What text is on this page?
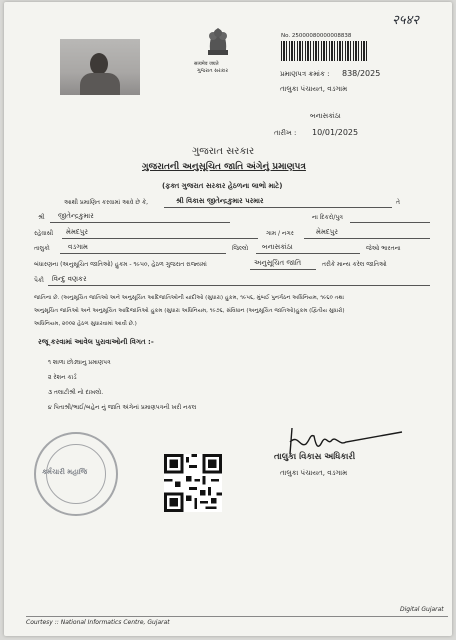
२५४२
सत्यमेव जयते
ગુજરાત સરકાર
No. 25000080000008838
પ્રમાણપત્ર ક્રમાંક : 838/2025
તાલુકા પંચાયત, વડગામ
બનાસકાંઠા
તારીખ : 10/01/2025
ગુજરાત સરકાર
ગુજરાતની અનુસૂચિત જાતિ અંગેનું પ્રમાણપત્ર
(ફક્ત ગુજરાત સરકાર હેઠળના લાભો માટે)
આથી પ્રમાણિત કરવામાં આવે છે કે,	શ્રી વિકાસ જીતેન્દ્રકુમાર પરમાર	તે
શ્રી જીતેન્દ્રકુમાર	ના દિકરો/પુત્ર
રહેવાસી મેમદપુર	ગામ / નગર	મેમદપુર
તાલુકો	વડગામ	જિલ્લો બનાસકાંઠા	જેઓ ભારતના
બંધારણના (અનુસૂચિત જાતિઓ) હુકમ - ૧૯૫૦, હેઠળ ગુજરાત રાજ્યમાં	અનુસૂચિત જાતિ	તરીકે માન્ય કરેલ જાતિઓ
પૈકી વિન્દુ વણકર
જાતિના છે. (અનુસૂચિત જાતિઓ અને અનુસૂચિત આદિજાતિઓની યાદીઓ (સુધારા) હુકમ, ૧૯૫૬, મુંબઈ પુનર્ગઠન અધિનિયમ, ૧૯૬૦ તથા
અનુસૂચિત જાતિઓ અને અનુસૂચિત આદિજાતિઓ હુકમ (સુધારા અધિનિયમ, ૧૯૭૬, સંવિધાન (અનુસૂચિત જાતિઓ)હુકમ (દ્વિતીય સુધારો)
અધિનિયમ, ૨૦૦૨ હેઠળ સુધારવામાં આવી છે.)
રજૂ કરવામાં આવેલ પુરાવાઓની વિગત :-
૧ શાળા છોડ્યાનુ પ્રમાણપત્ર
૨ રેશન કાર્ડ
૩ તલાટીશ્રી નો દાખલો.
૪ પિતાશ્રી/ભાઈ/બહેન નું જાતિ અંગેનાં પ્રમાણપત્રની ખરી નકલ
કર્મચારી મહાજિ
તાલુકા વિકાસ અધિકારી
તાલુકા પંચાયત, વડગામ
Courtesy :: National Informatics Centre, Gujarat
Digital Gujarat
